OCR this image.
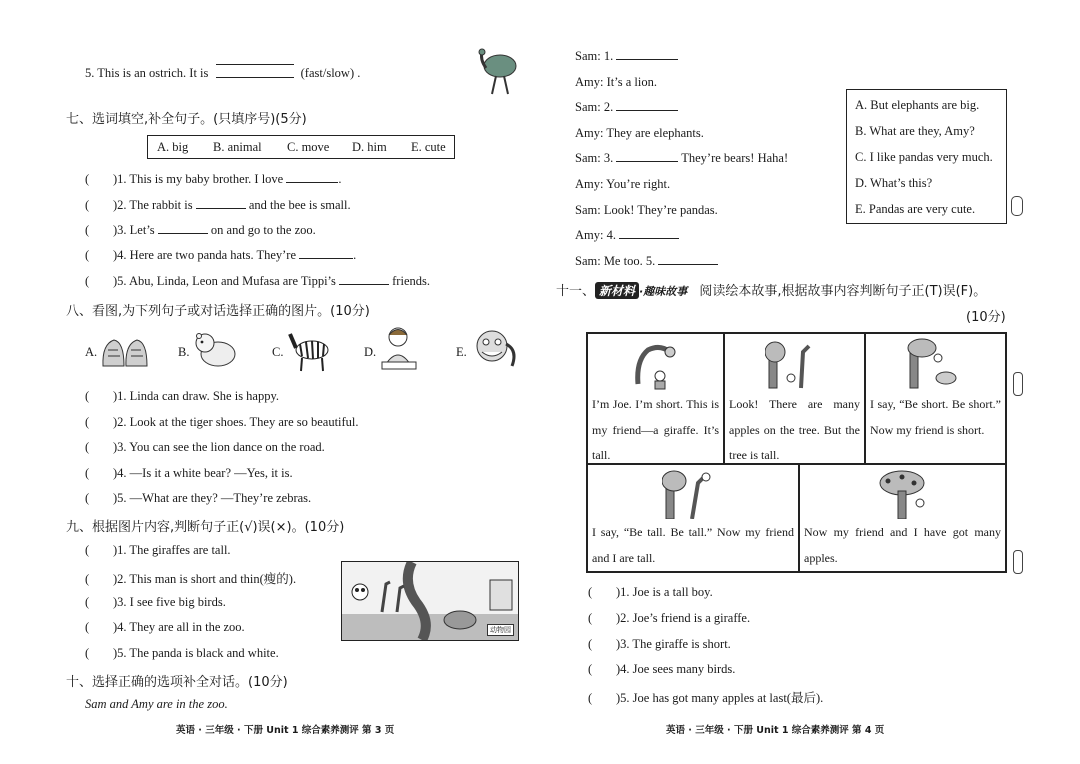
5. This is an ostrich. It is	(fast/slow) .
七、选词填空,补全句子。(只填序号)(5分)
A. big B. animal C. move D. him E. cute
( )1. This is my baby brother. I love	.
( )2. The rabbit is	and the bee is small.
( )3. Let’s	on and go to the zoo.
( )4. Here are two panda hats. They’re	.
( )5. Abu, Linda, Leon and Mufasa are Tippi’s	friends.
八、看图,为下列句子或对话选择正确的图片。(10分)
A.	B.	C.	D.	E.
( )1. Linda can draw. She is happy.
( )2. Look at the tiger shoes. They are so beautiful.
( )3. You can see the lion dance on the road.
( )4. —Is it a white bear? —Yes, it is.
( )5. —What are they? —They’re zebras.
九、根据图片内容,判断句子正(√)误(×)。(10分)
( )1. The giraffes are tall.
( )2. This man is short and thin(瘦的).
( )3. I see five big birds.
( )4. They are all in the zoo.
( )5. The panda is black and white.
动物园
十、选择正确的选项补全对话。(10分)
Sam and Amy are in the zoo.
英语 · 三年级 · 下册 Unit 1 综合素养测评 第 3 页
Sam: 1.
Amy: It’s a lion.
Sam: 2.
Amy: They are elephants.
Sam: 3.	They’re bears! Haha!
Amy: You’re right.
Sam: Look! They’re pandas.
Amy: 4.
Sam: Me too. 5.
A. But elephants are big.
B. What are they, Amy?
C. I like pandas very much.
D. What’s this?
E. Pandas are very cute.
十一、 新材料 ·趣味故事 阅读绘本故事,根据故事内容判断句子正(T)误(F)。
(10分)
I’m Joe. I’m short. This is my friend—a giraffe. It’s tall.
Look! There are many apples on the tree. But the tree is tall.
I say, “Be short. Be short.” Now my friend is short.
I say, “Be tall. Be tall.” Now my friend and I are tall.
Now my friend and I have got many apples.
( )1. Joe is a tall boy.
( )2. Joe’s friend is a giraffe.
( )3. The giraffe is short.
( )4. Joe sees many birds.
( )5. Joe has got many apples at last(最后).
英语 · 三年级 · 下册 Unit 1 综合素养测评 第 4 页
